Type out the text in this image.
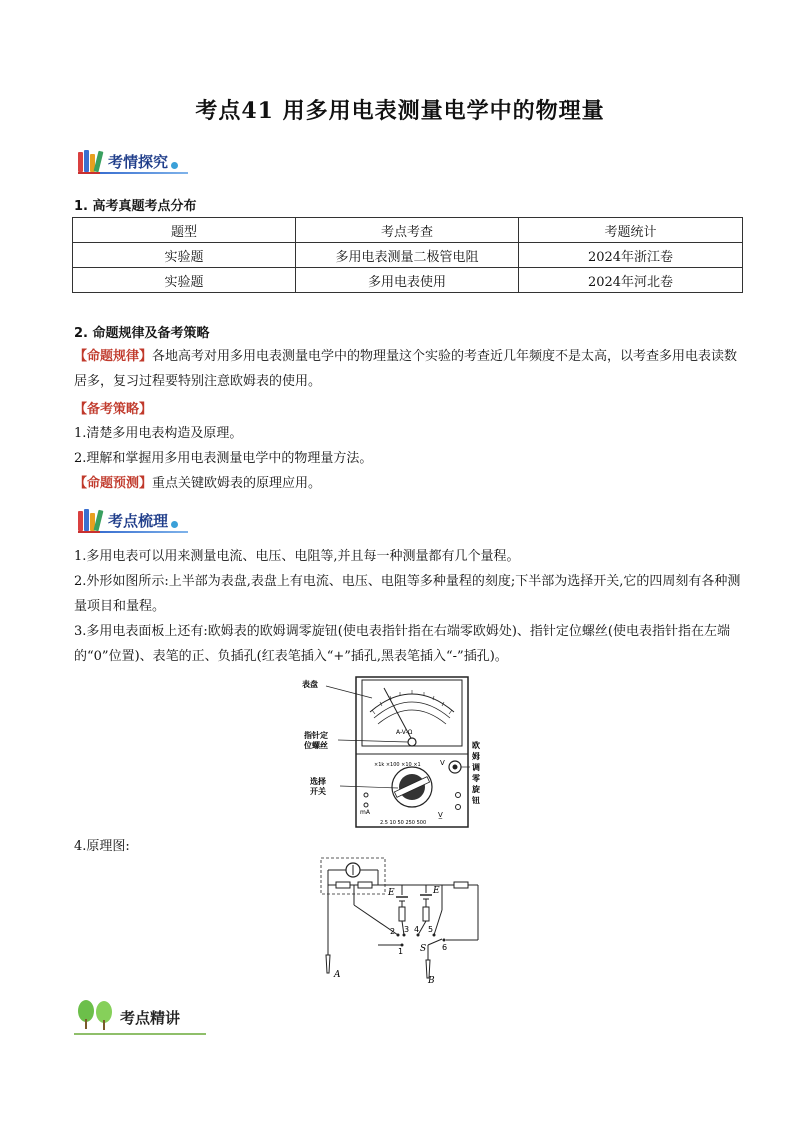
考点41 用多用电表测量电学中的物理量
考情探究
1. 高考真题考点分布
题型	考点考查	考题统计
实验题	多用电表测量二极管电阻	2024年浙江卷
实验题	多用电表使用	2024年河北卷
2. 命题规律及备考策略
【命题规律】各地高考对用多用电表测量电学中的物理量这个实验的考查近几年频度不是太高，以考查多用电表读数居多，复习过程要特别注意欧姆表的使用。
【备考策略】
1.清楚多用电表构造及原理。
2.理解和掌握用多用电表测量电学中的物理量方法。
【命题预测】重点关键欧姆表的原理应用。
考点梳理
1.多用电表可以用来测量电流、电压、电阻等,并且每一种测量都有几个量程。
2.外形如图所示:上半部为表盘,表盘上有电流、电压、电阻等多种量程的刻度;下半部为选择开关,它的四周刻有各种测量项目和量程。
3.多用电表面板上还有:欧姆表的欧姆调零旋钮(使电表指针指在右端零欧姆处)、指针定位螺丝(使电表指针指在左端的“0”位置)、表笔的正、负插孔(红表笔插入“+”插孔,黑表笔插入“-”插孔)。
A-V-Ω
×1k ×100 ×10 ×1
mA
V
V̲
2.5 10 50 250 500
表盘
指针定
位螺丝
选择
开关
欧
姆
调
零
旋
钮
4.原理图:
E	E
S
A
B
1
2 3 4 5
6
考点精讲
